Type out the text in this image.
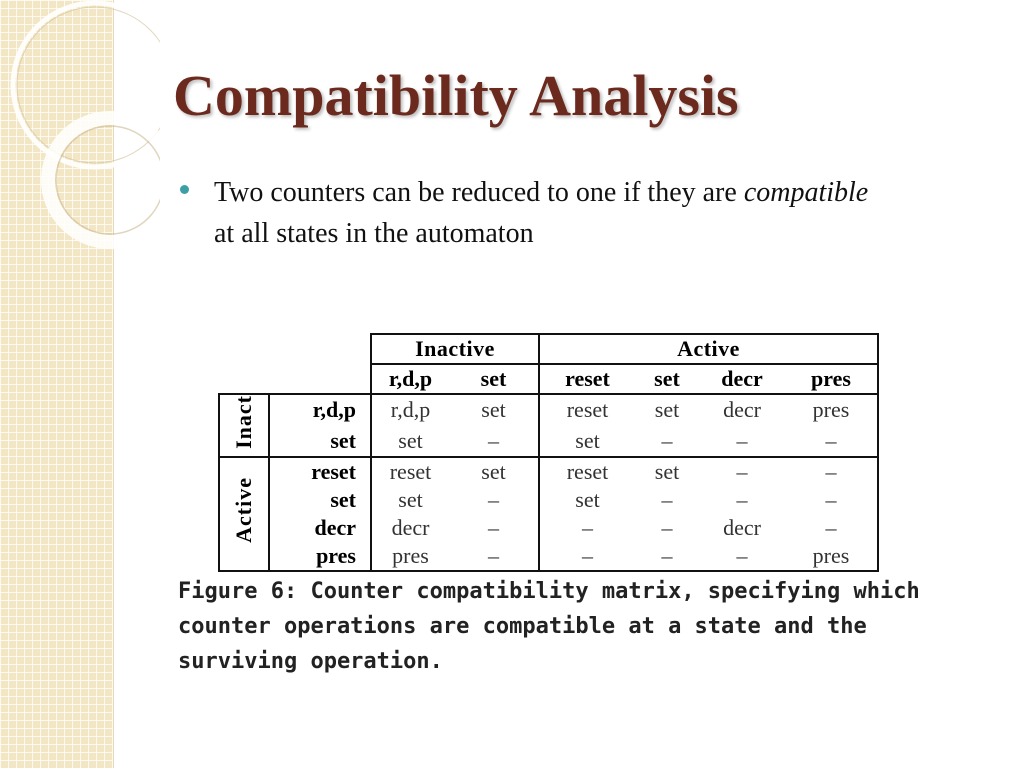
Compatibility Analysis

Two counters can be reduced to one if they are compatible at all states in the automaton

		Inactive		Active			
		r,d,p	set	reset	set	decr	pres
Inact	r,d,p	r,d,p	set	reset	set	decr	pres
	set	set	–	set	–	–	–
Active	reset	reset	set	reset	set	–	–
	set	set	–	set	–	–	–
	decr	decr	–	–	–	decr	–
	pres	pres	–	–	–	–	pres

Figure 6: Counter compatibility matrix, specifying which counter operations are compatible at a state and the surviving operation.
